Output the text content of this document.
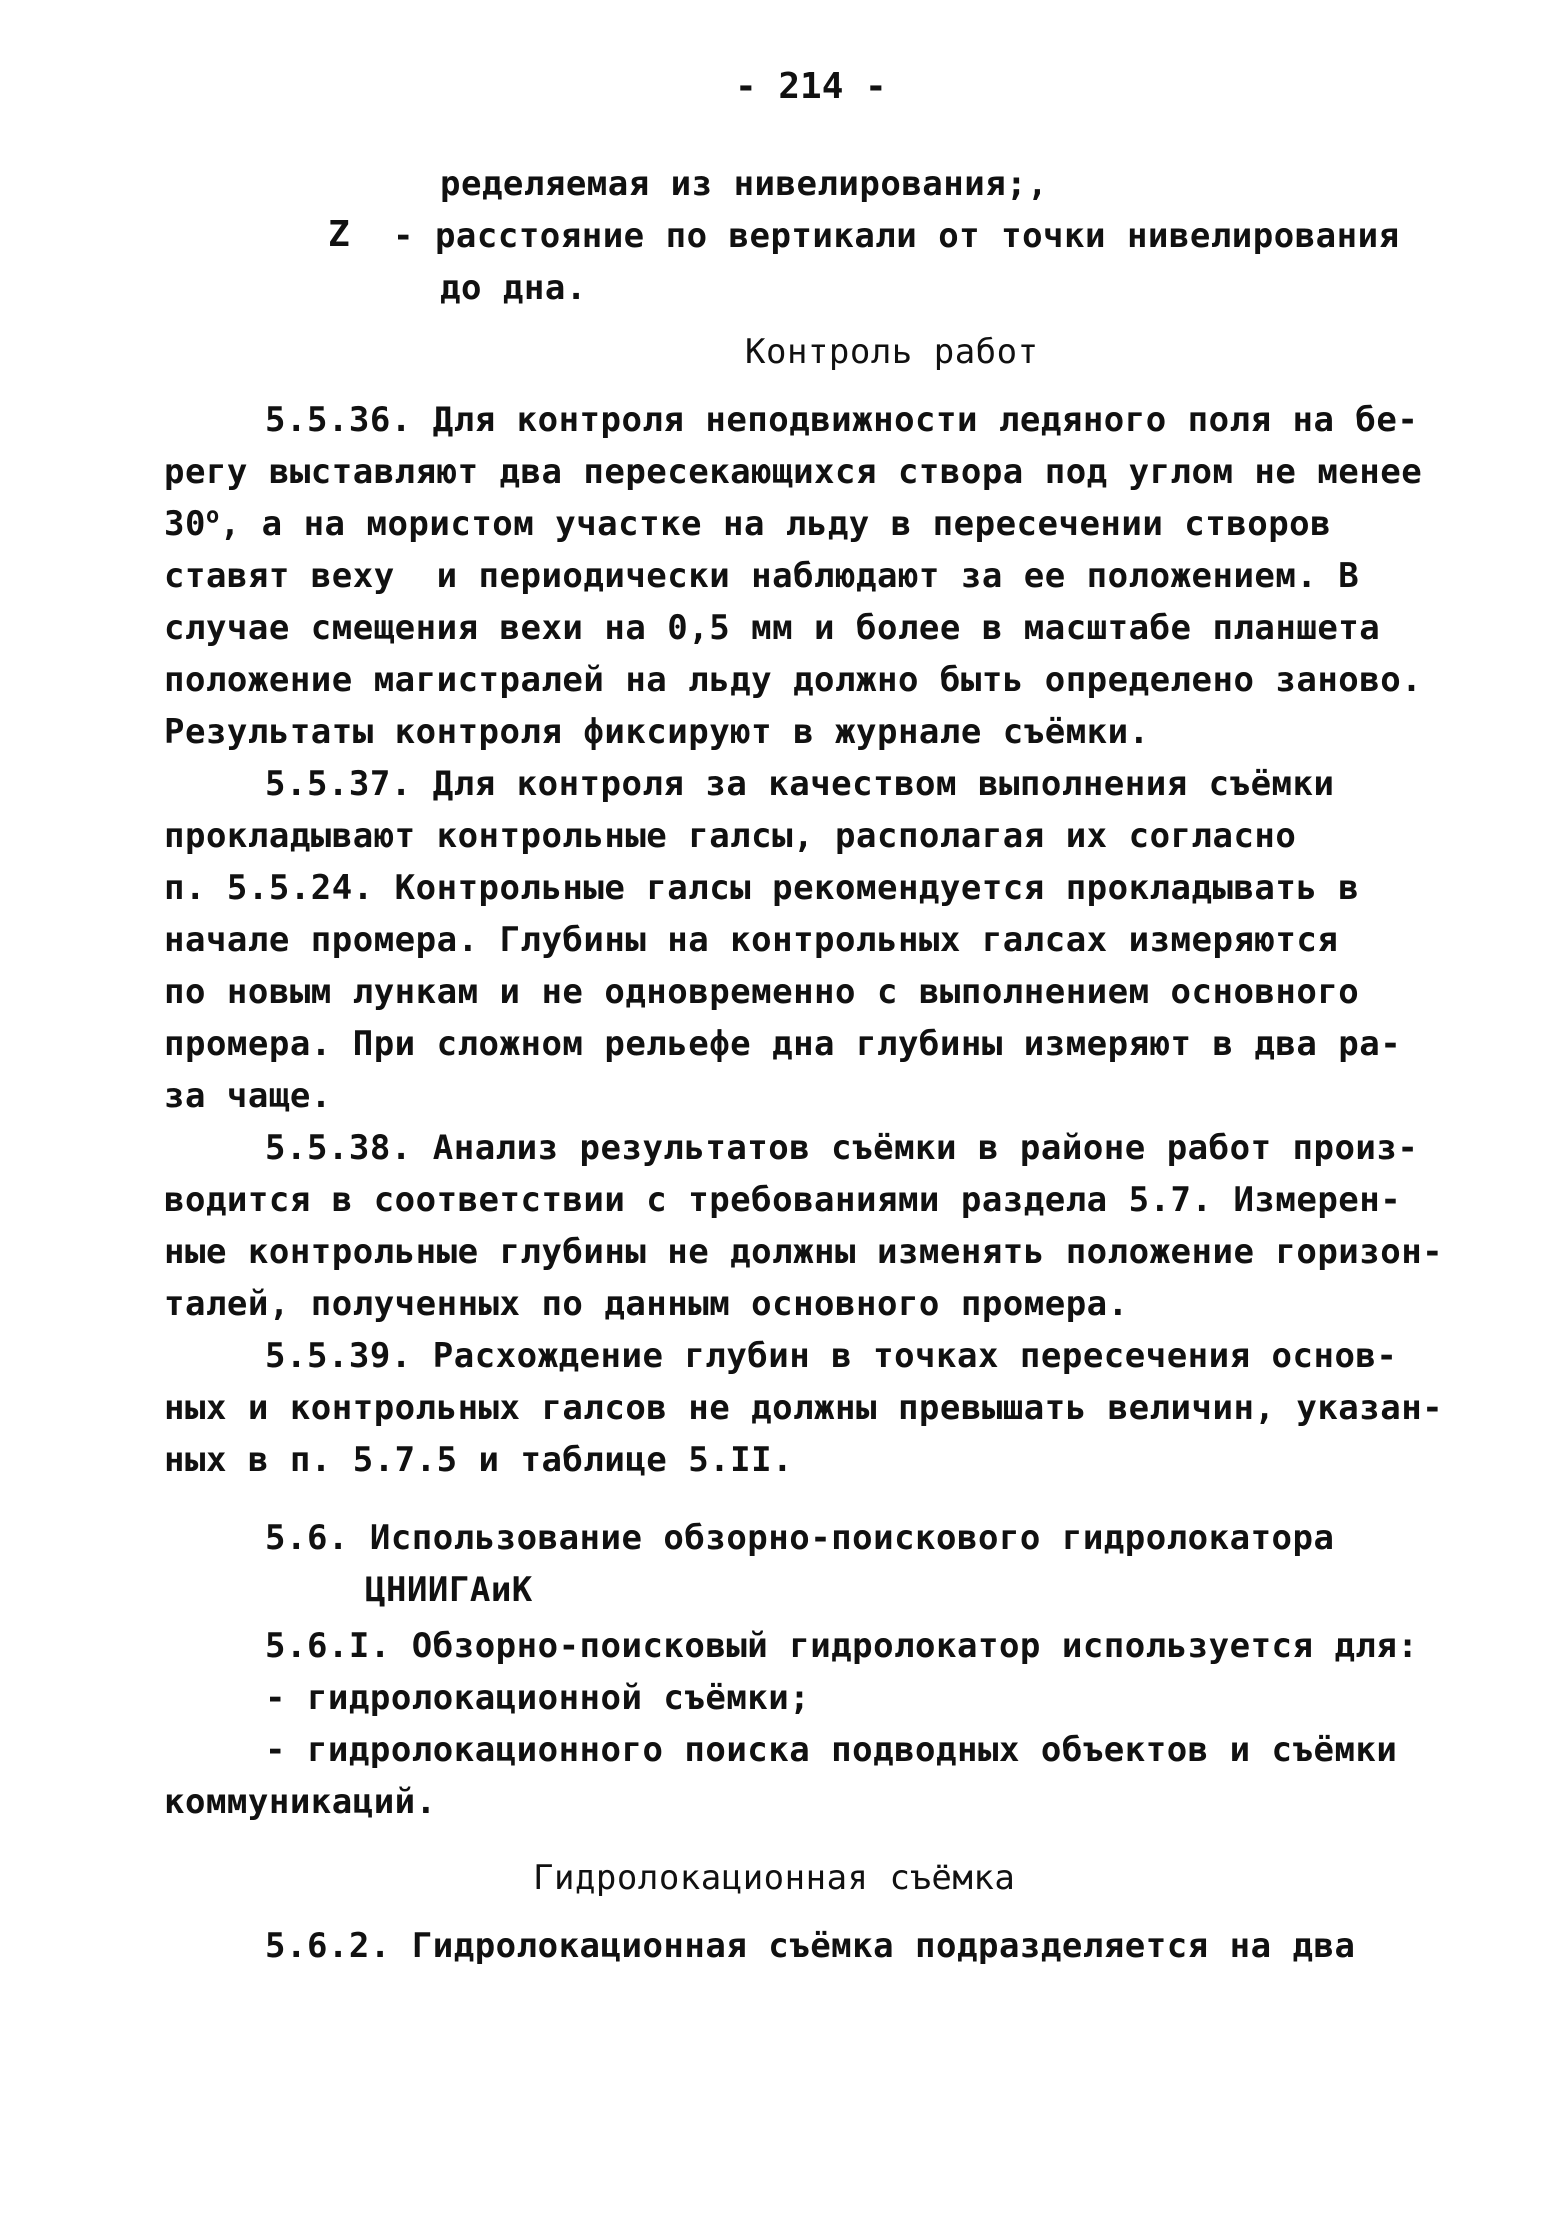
- 214 -
ределяемая из нивелирования;,
Z - расстояние по вертикали от точки нивелирования
до дна.
Контроль работ
5.5.36. Для контроля неподвижности ледяного поля на бе-
регу выставляют два пересекающихся створа под углом не менее
30$^o$, а на мористом участке на льду в пересечении створов
ставят веху  и периодически наблюдают за ее положением. В
случае смещения вехи на 0,5 мм и более в масштабе планшета
положение магистралей на льду должно быть определено заново.
Результаты контроля фиксируют в журнале съёмки.
5.5.37. Для контроля за качеством выполнения съёмки
прокладывают контрольные галсы, располагая их согласно
п. 5.5.24. Контрольные галсы рекомендуется прокладывать в
начале промера. Глубины на контрольных галсах измеряются
по новым лункам и не одновременно с выполнением основного
промера. При сложном рельефе дна глубины измеряют в два ра-
за чаще.
5.5.38. Анализ результатов съёмки в районе работ произ-
водится в соответствии с требованиями раздела 5.7. Измерен-
ные контрольные глубины не должны изменять положение горизон-
талей, полученных по данным основного промера.
5.5.39. Расхождение глубин в точках пересечения основ-
ных и контрольных галсов не должны превышать величин, указан-
ных в п. 5.7.5 и таблице 5.II.
5.6. Использование обзорно-поискового гидролокатора
ЦНИИГАиК
5.6.I. Обзорно-поисковый гидролокатор используется для:
- гидролокационной съёмки;
- гидролокационного поиска подводных объектов и съёмки
коммуникаций.
Гидролокационная съёмка
5.6.2. Гидролокационная съёмка подразделяется на два
